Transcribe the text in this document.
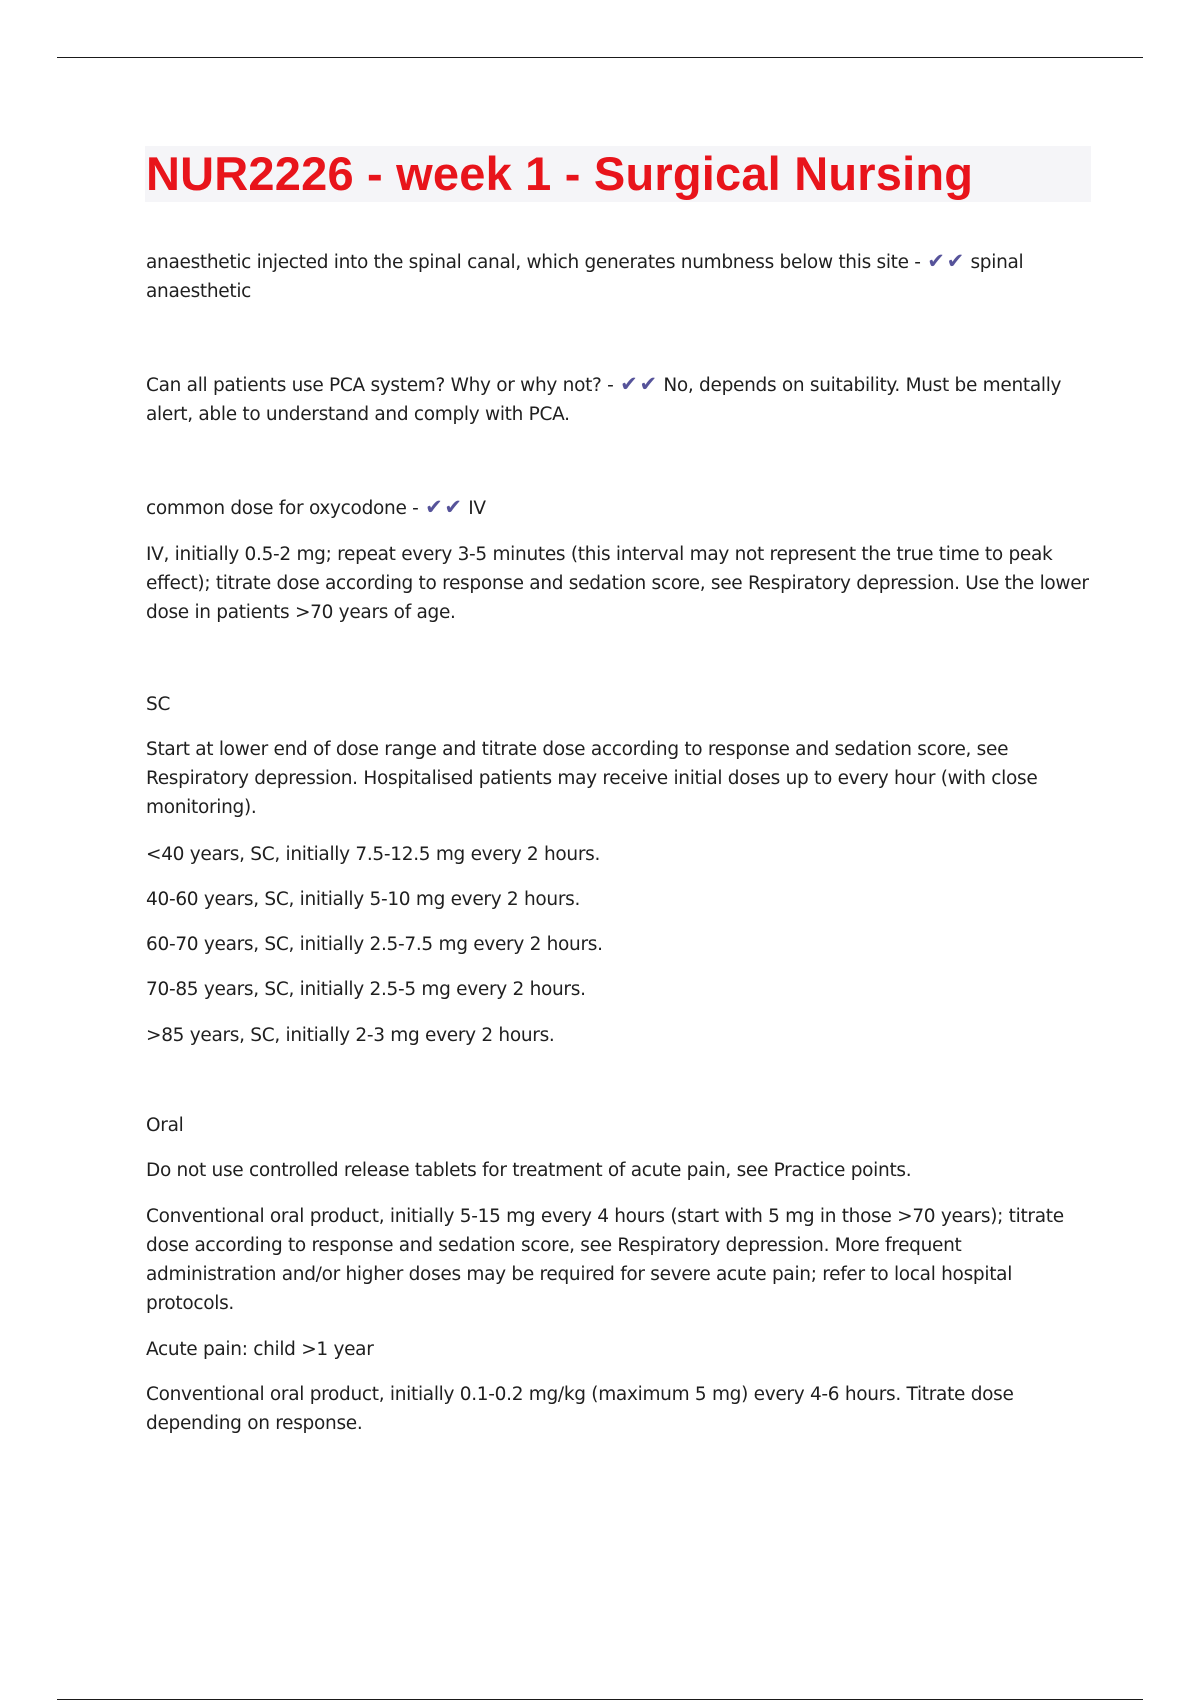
NUR2226 - week 1 - Surgical Nursing

anaesthetic injected into the spinal canal, which generates numbness below this site - ✔✔ spinal anaesthetic

Can all patients use PCA system? Why or why not? - ✔✔ No, depends on suitability. Must be mentally alert, able to understand and comply with PCA.

common dose for oxycodone - ✔✔ IV

IV, initially 0.5-2 mg; repeat every 3-5 minutes (this interval may not represent the true time to peak effect); titrate dose according to response and sedation score, see Respiratory depression. Use the lower dose in patients >70 years of age.

SC

Start at lower end of dose range and titrate dose according to response and sedation score, see Respiratory depression. Hospitalised patients may receive initial doses up to every hour (with close monitoring).

<40 years, SC, initially 7.5-12.5 mg every 2 hours.

40-60 years, SC, initially 5-10 mg every 2 hours.

60-70 years, SC, initially 2.5-7.5 mg every 2 hours.

70-85 years, SC, initially 2.5-5 mg every 2 hours.

>85 years, SC, initially 2-3 mg every 2 hours.

Oral

Do not use controlled release tablets for treatment of acute pain, see Practice points.

Conventional oral product, initially 5-15 mg every 4 hours (start with 5 mg in those >70 years); titrate dose according to response and sedation score, see Respiratory depression. More frequent administration and/or higher doses may be required for severe acute pain; refer to local hospital protocols.

Acute pain: child >1 year

Conventional oral product, initially 0.1-0.2 mg/kg (maximum 5 mg) every 4-6 hours. Titrate dose depending on response.
